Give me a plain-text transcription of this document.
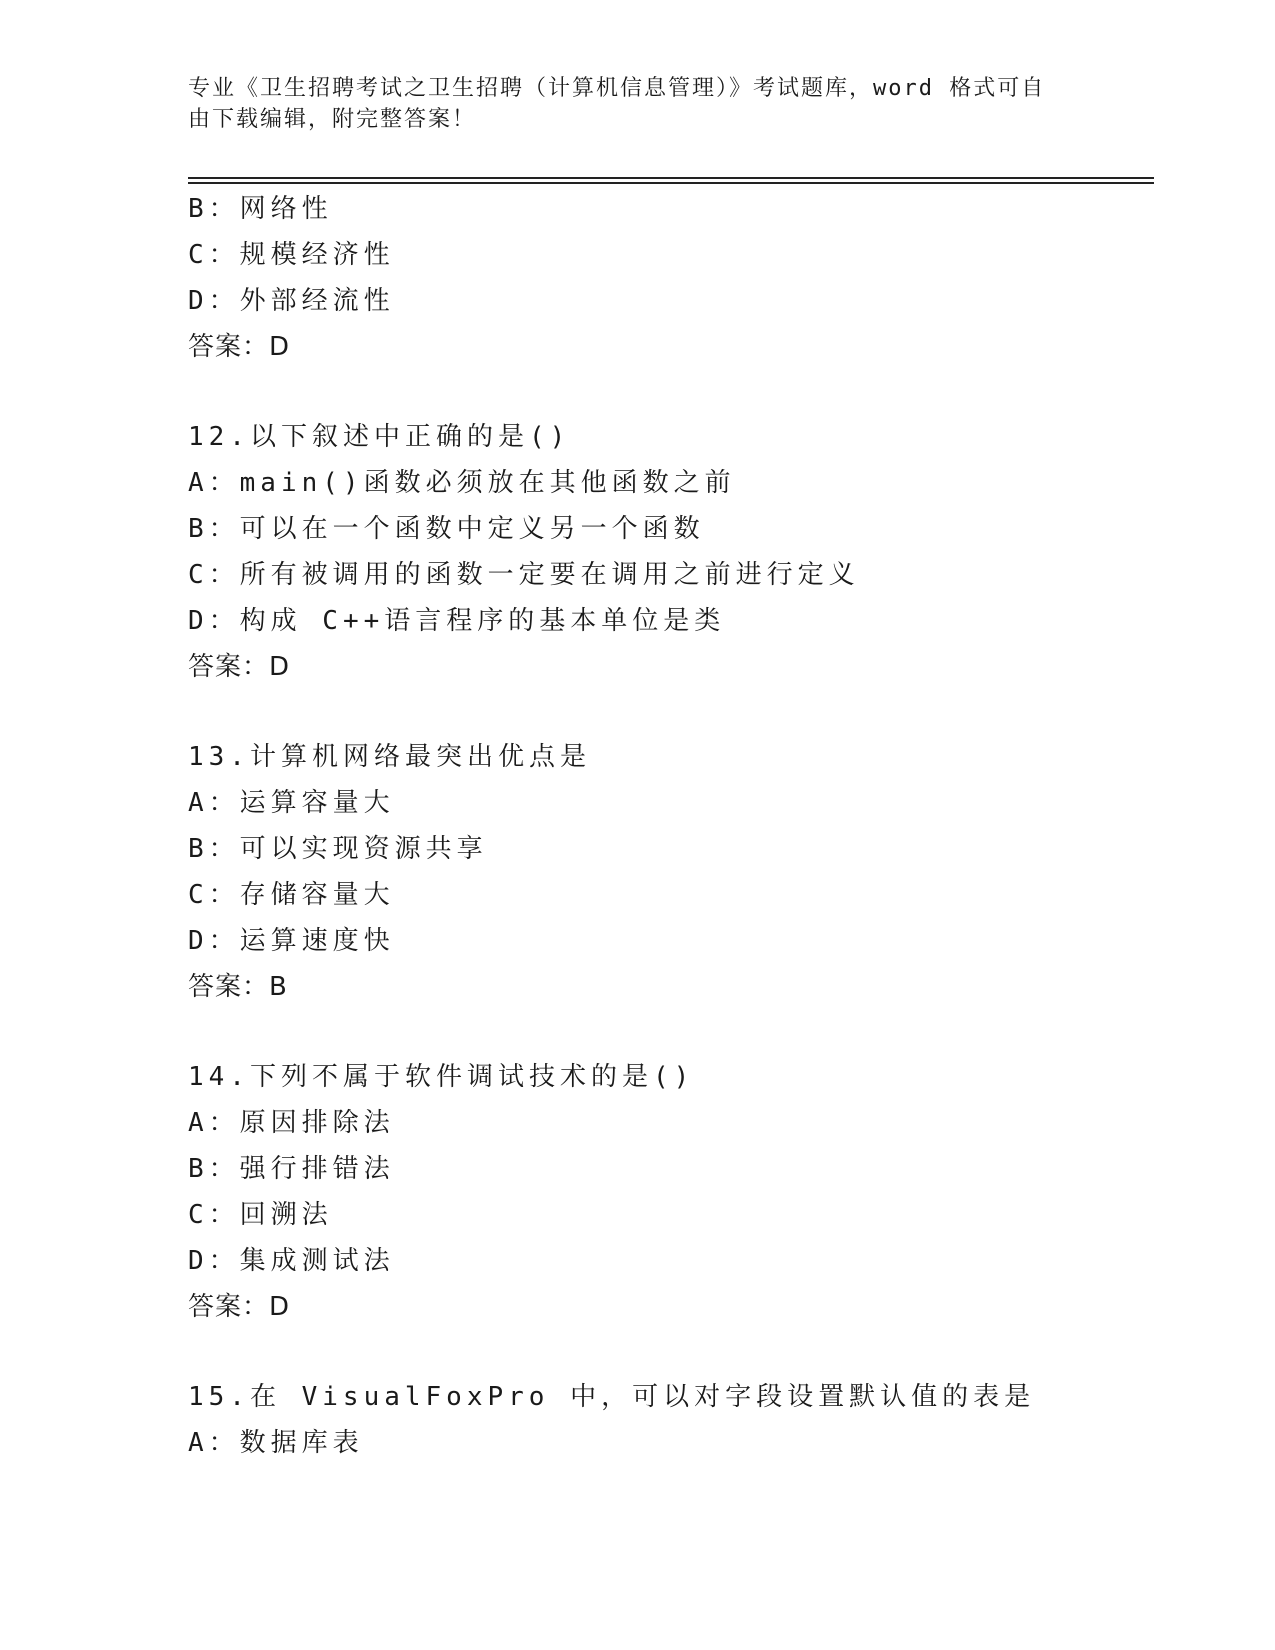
专业《卫生招聘考试之卫生招聘（计算机信息管理）》考试题库，word 格式可自由下载编辑，附完整答案！
B：网络性
C：规模经济性
D：外部经流性
答案：D
12.以下叙述中正确的是()
A：main()函数必须放在其他函数之前
B：可以在一个函数中定义另一个函数
C：所有被调用的函数一定要在调用之前进行定义
D：构成 C++语言程序的基本单位是类
答案：D
13.计算机网络最突出优点是
A：运算容量大
B：可以实现资源共享
C：存储容量大
D：运算速度快
答案：B
14.下列不属于软件调试技术的是()
A：原因排除法
B：强行排错法
C：回溯法
D：集成测试法
答案：D
15.在 VisualFoxPro 中，可以对字段设置默认值的表是
A：数据库表
